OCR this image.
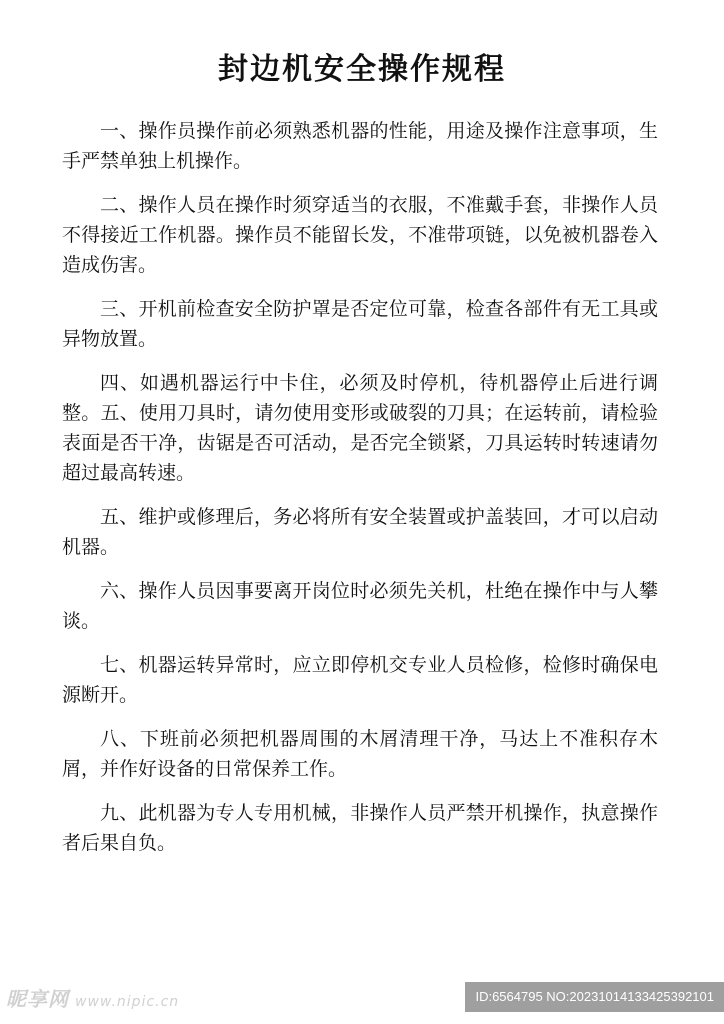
封边机安全操作规程

一、操作员操作前必须熟悉机器的性能，用途及操作注意事项，生手严禁单独上机操作。

二、操作人员在操作时须穿适当的衣服，不准戴手套，非操作人员不得接近工作机器。操作员不能留长发，不准带项链，以免被机器卷入造成伤害。

三、开机前检查安全防护罩是否定位可靠，检查各部件有无工具或异物放置。

四、如遇机器运行中卡住，必须及时停机，待机器停止后进行调整。五、使用刀具时，请勿使用变形或破裂的刀具；在运转前，请检验表面是否干净，齿锯是否可活动，是否完全锁紧，刀具运转时转速请勿超过最高转速。

五、维护或修理后，务必将所有安全装置或护盖装回，才可以启动机器。

六、操作人员因事要离开岗位时必须先关机，杜绝在操作中与人攀谈。

七、机器运转异常时，应立即停机交专业人员检修，检修时确保电源断开。

八、下班前必须把机器周围的木屑清理干净，马达上不准积存木屑，并作好设备的日常保养工作。

九、此机器为专人专用机械，非操作人员严禁开机操作，执意操作者后果自负。

昵享网 www.nipic.cn	ID:6564795 NO:20231014133425392101
